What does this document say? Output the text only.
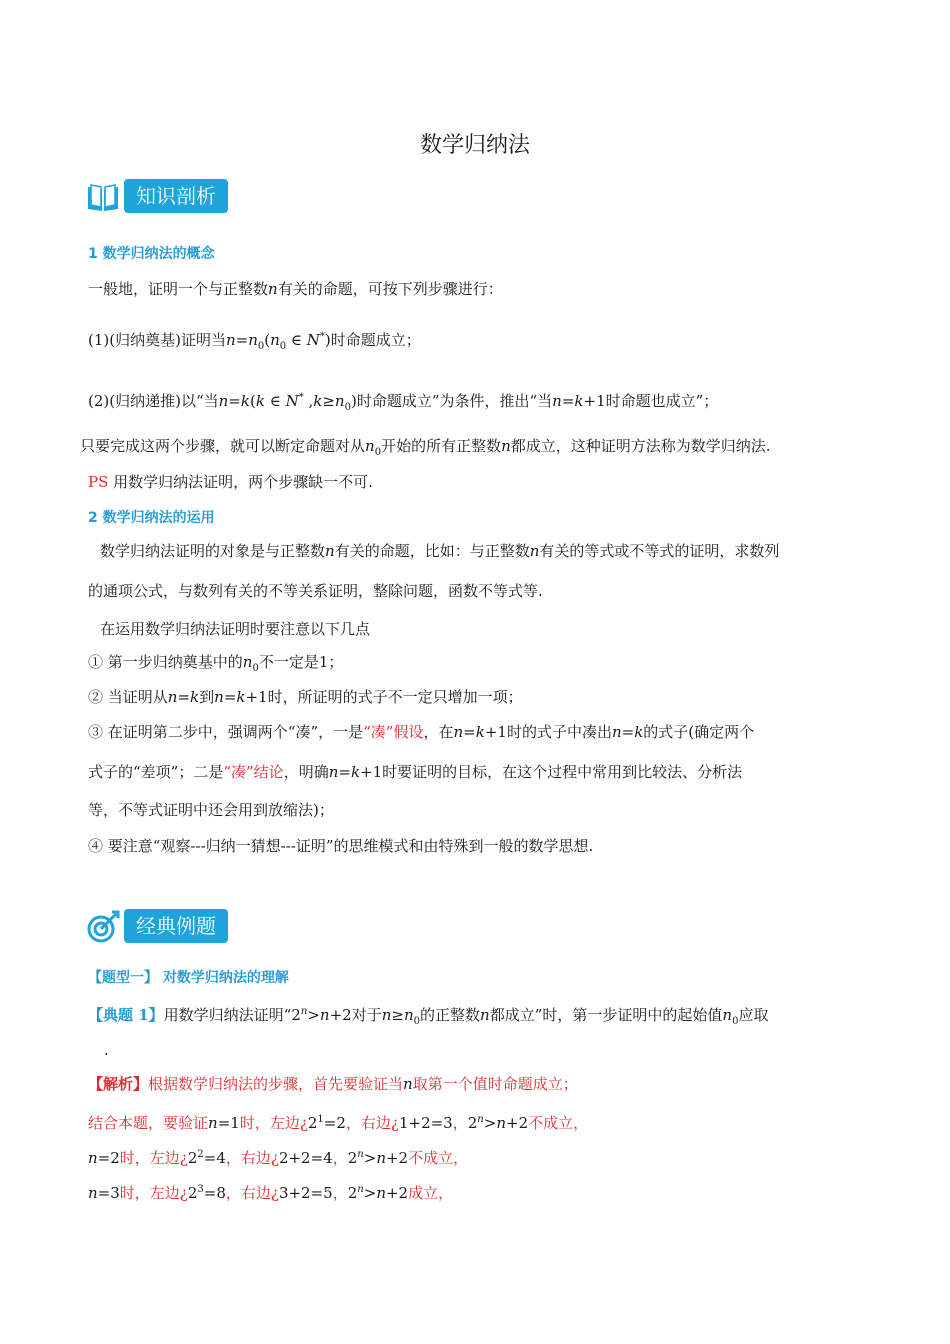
数学归纳法
知识剖析
1 数学归纳法的概念
一般地，证明一个与正整数n有关的命题，可按下列步骤进行：
(1)(归纳奠基)证明当$n=n_0(n_0$ ∈ N*)时命题成立；
(2)(归纳递推)以“当n=k(k ∈ N* $,k\ge n_0$)时命题成立”为条件，推出“当n=k+1时命题也成立”；
只要完成这两个步骤，就可以断定命题对从$n_0$开始的所有正整数n都成立，这种证明方法称为数学归纳法.
PS 用数学归纳法证明，两个步骤缺一不可.
2 数学归纳法的运用
数学归纳法证明的对象是与正整数n有关的命题，比如：与正整数n有关的等式或不等式的证明，求数列
的通项公式，与数列有关的不等关系证明，整除问题，函数不等式等.
在运用数学归纳法证明时要注意以下几点
① 第一步归纳奠基中的$n_0$不一定是1；
② 当证明从n=k到n=k+1时，所证明的式子不一定只增加一项；
③ 在证明第二步中，强调两个“凑”，一是“凑”假设，在n=k+1时的式子中凑出n=k的式子(确定两个
式子的“差项”；二是“凑”结论，明确n=k+1时要证明的目标，在这个过程中常用到比较法、分析法
等，不等式证明中还会用到放缩法)；
④ 要注意“观察---归纳一猜想---证明”的思维模式和由特殊到一般的数学思想.
经典例题
【题型一】 对数学归纳法的理解
【典题 1】用数学归纳法证明“$2^n>n+2$对于$n\ge n_0$的正整数n都成立”时，第一步证明中的起始值$n_0$应取
.
【解析】根据数学归纳法的步骤，首先要验证当n取第一个值时命题成立；
结合本题，要验证n=1时，左边¿$2^1=2$，右边¿1+2=3，$2^n>n+2$不成立，
n=2时，左边¿$2^2=4$，右边¿2+2=4，$2^n>n+2$不成立，
n=3时，左边¿$2^3=8$，右边¿3+2=5，$2^n>n+2$成立，
